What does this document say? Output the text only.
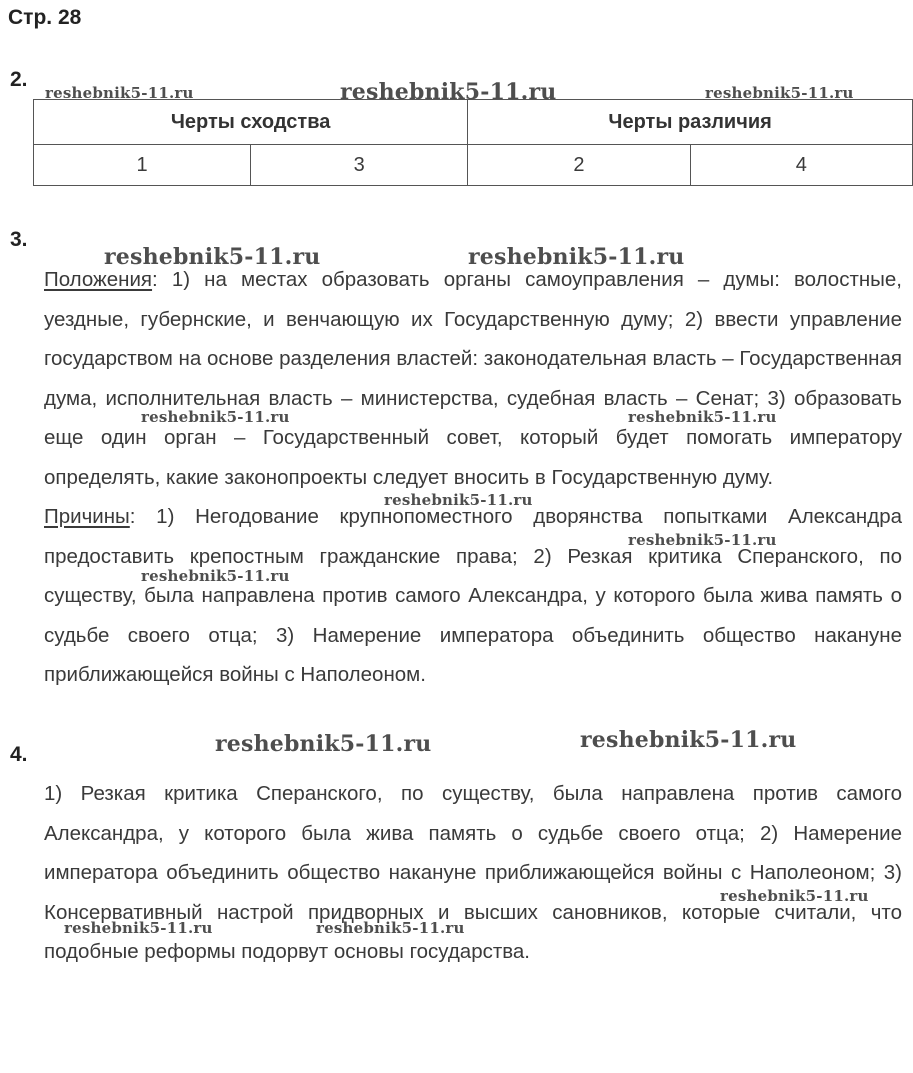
Стр. 28
2.
Черты сходства		Черты различия	
1	3	2	4
3.

Положения: 1) на местах образовать органы самоуправления – думы: волостные, уездные, губернские, и венчающую их Государственную думу; 2) ввести управление государством на основе разделения властей: законодательная власть – Государственная дума, исполнительная власть – министерства, судебная власть – Сенат; 3) образовать еще один орган – Государственный совет, который будет помогать императору определять, какие законопроекты следует вносить в Государственную думу.

Причины: 1) Негодование крупнопоместного дворянства попытками Александра предоставить крепостным гражданские права; 2) Резкая критика Сперанского, по существу, была направлена против самого Александра, у которого была жива память о судьбе своего отца; 3) Намерение императора объединить общество накануне приближающейся войны с Наполеоном.

4.

1) Резкая критика Сперанского, по существу, была направлена против самого Александра, у которого была жива память о судьбе своего отца; 2) Намерение императора объединить общество накануне приближающейся войны с Наполеоном; 3) Консервативный настрой придворных и высших сановников, которые считали, что подобные реформы подорвут основы государства.

reshebnik5-11.ru	reshebnik5-11.ru	reshebnik5-11.ru
reshebnik5-11.ru	reshebnik5-11.ru
reshebnik5-11.ru	reshebnik5-11.ru
reshebnik5-11.ru
reshebnik5-11.ru
reshebnik5-11.ru
reshebnik5-11.ru	reshebnik5-11.ru
reshebnik5-11.ru
reshebnik5-11.ru	reshebnik5-11.ru
